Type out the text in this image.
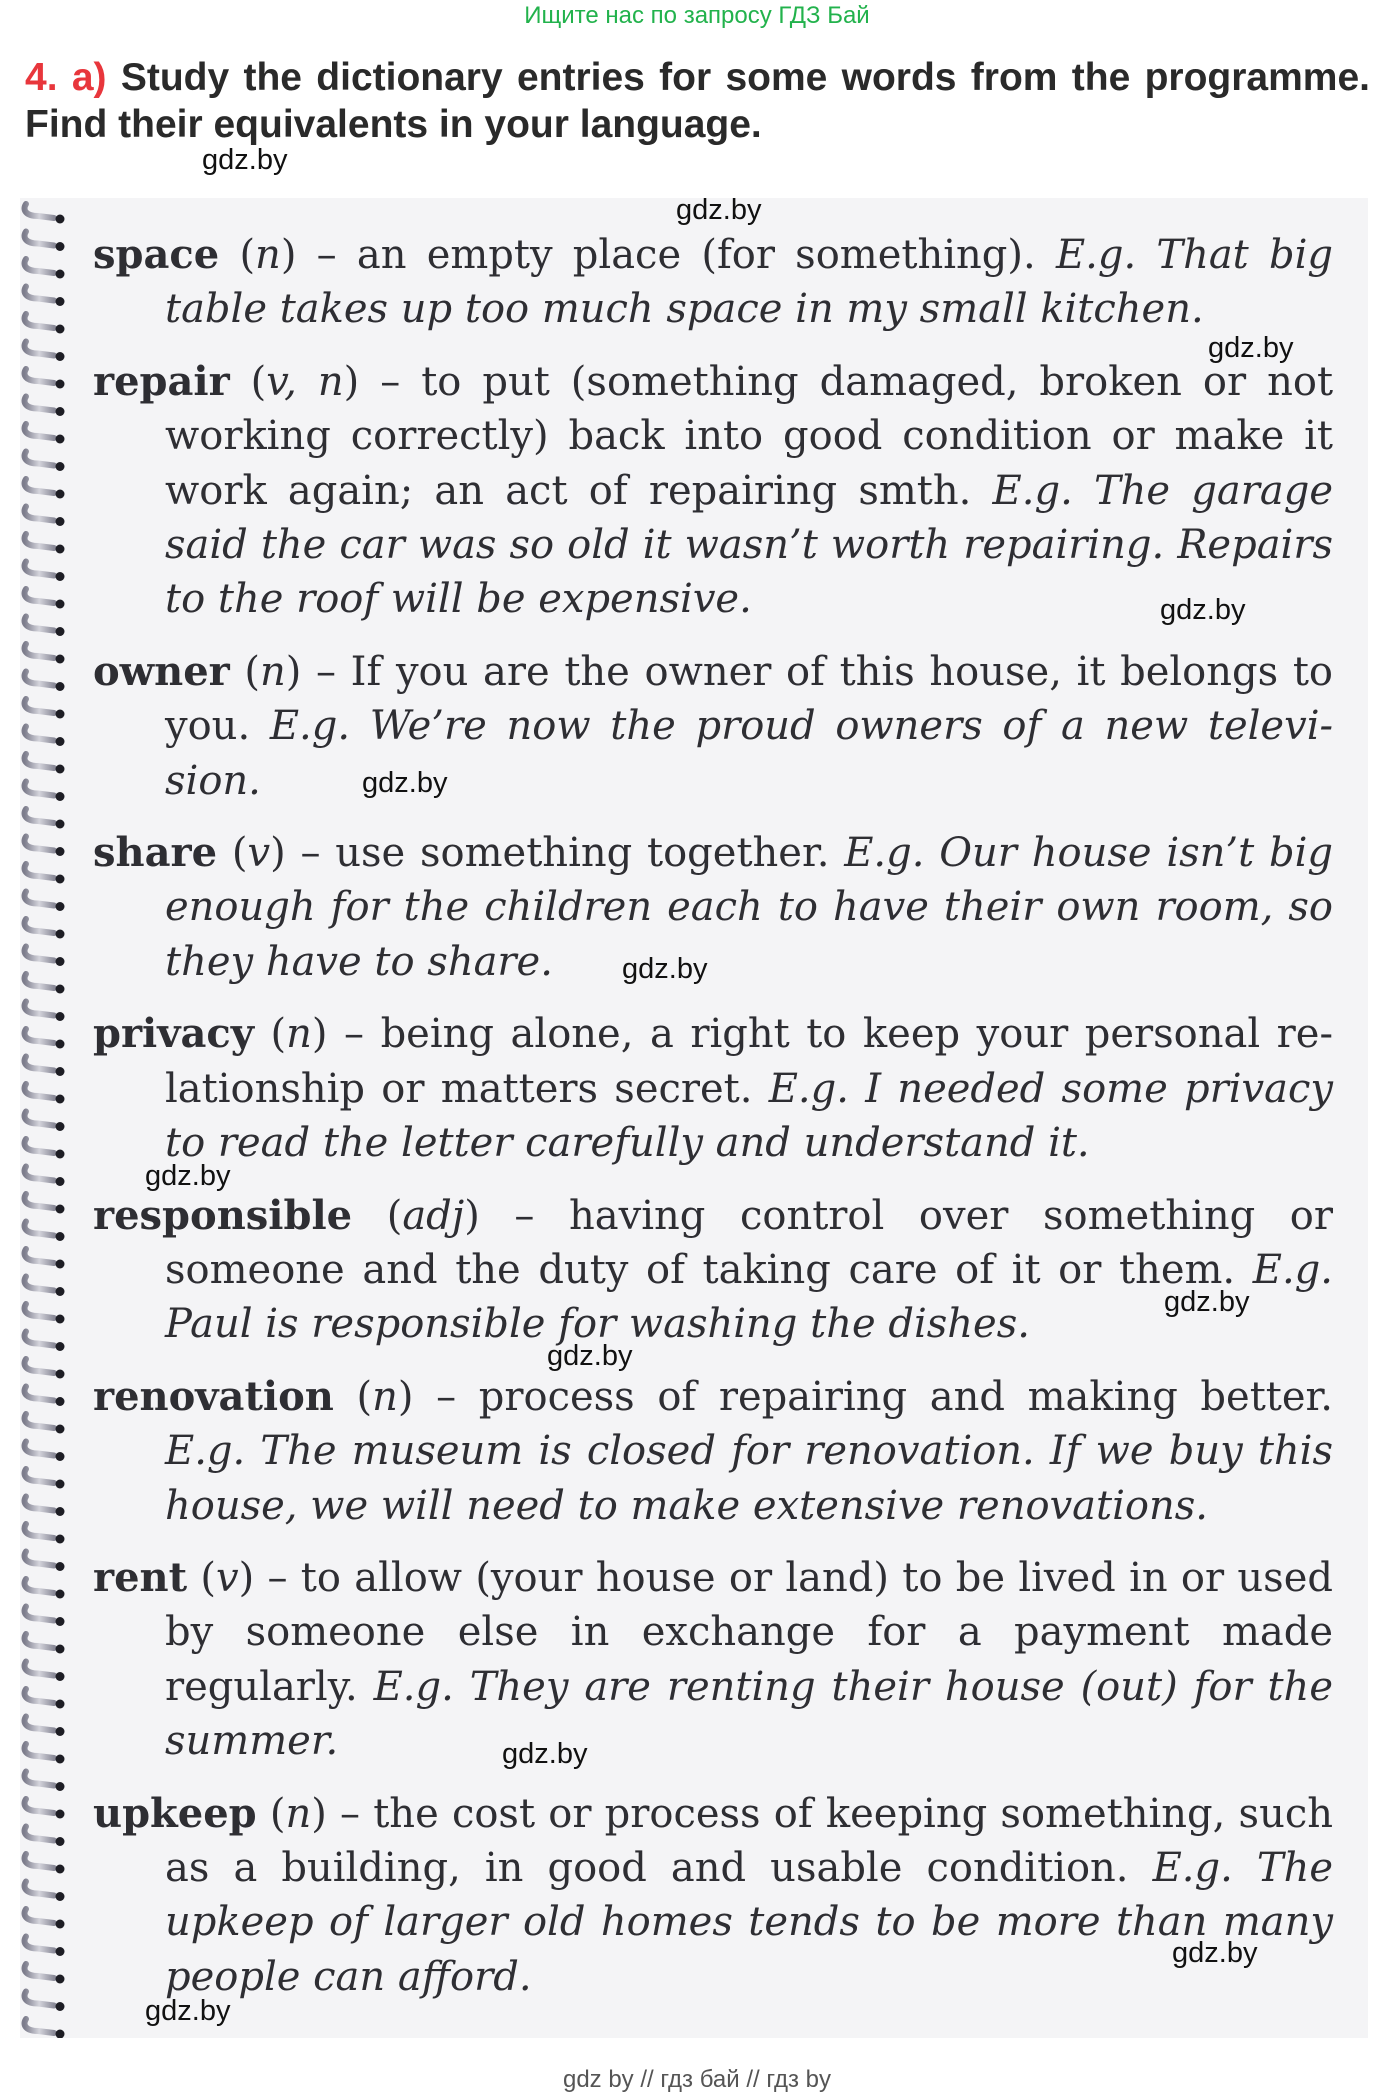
Ищите нас по запросу ГДЗ Бай
4. a) Study the dictionary entries for some words from the programme. Find their equivalents in your language.
gdz.by

space (n) – an empty place (for something). E.g. That big table takes up too much space in my small kitchen.

repair (v, n) – to put (something damaged, broken or not working correctly) back into good condition or make it work again; an act of repairing smth. E.g. The garage said the car was so old it wasn’t worth repairing. Repairs to the roof will be expensive.

owner (n) – If you are the owner of this house, it belongs to you. E.g. We’re now the proud owners of a new television.

share (v) – use something together. E.g. Our house isn’t big enough for the children each to have their own room, so they have to share.

privacy (n) – being alone, a right to keep your personal relationship or matters secret. E.g. I needed some privacy to read the letter carefully and understand it.

responsible (adj) – having control over something or someone and the duty of taking care of it or them. E.g. Paul is responsible for washing the dishes.

renovation (n) – process of repairing and making better. E.g. The museum is closed for renovation. If we buy this house, we will need to make extensive renovations.

rent (v) – to allow (your house or land) to be lived in or used by someone else in exchange for a payment made regularly. E.g. They are renting their house (out) for the summer.

upkeep (n) – the cost or process of keeping something, such as a building, in good and usable condition. E.g. The upkeep of larger old homes tends to be more than many people can afford.

gdz.by
gdz.by
gdz.by
gdz.by
gdz.by
gdz.by
gdz.by
gdz.by
gdz.by
gdz.by
gdz.by
gdz by // гдз бай // гдз by
